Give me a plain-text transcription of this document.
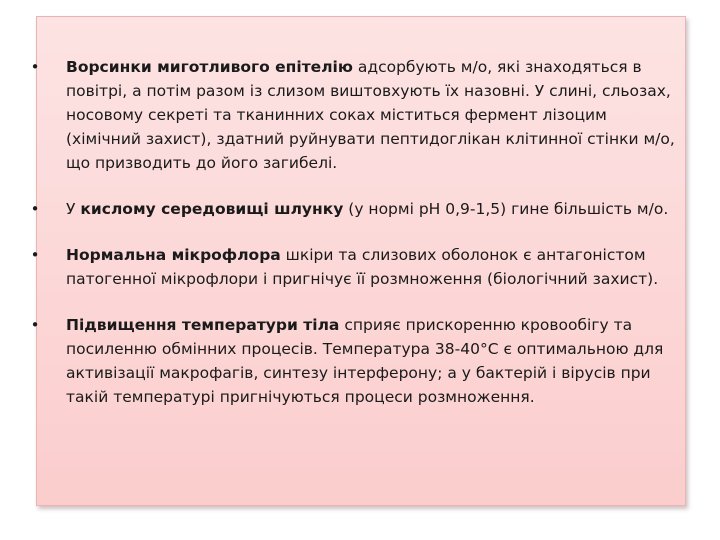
• Ворсинки миготливого епітелію адсорбують м/о, які знаходяться в повітрі, а потім разом із слизом виштовхують їх назовні. У слині, сльозах, носовому секреті та тканинних соках міститься фермент лізоцим (хімічний захист), здатний руйнувати пептидоглікан клітинної стінки м/о, що призводить до його загибелі.
• У кислому середовищі шлунку (у нормі рН 0,9-1,5) гине більшість м/о.
• Нормальна мікрофлора шкіри та слизових оболонок є антагоністом патогенної мікрофлори і пригнічує її розмноження (біологічний захист).
• Підвищення температури тіла сприяє прискоренню кровообігу та посиленню обмінних процесів. Температура 38-40°С є оптимальною для активізації макрофагів, синтезу інтерферону; а у бактерій і вірусів при такій температурі пригнічуються процеси розмноження.
